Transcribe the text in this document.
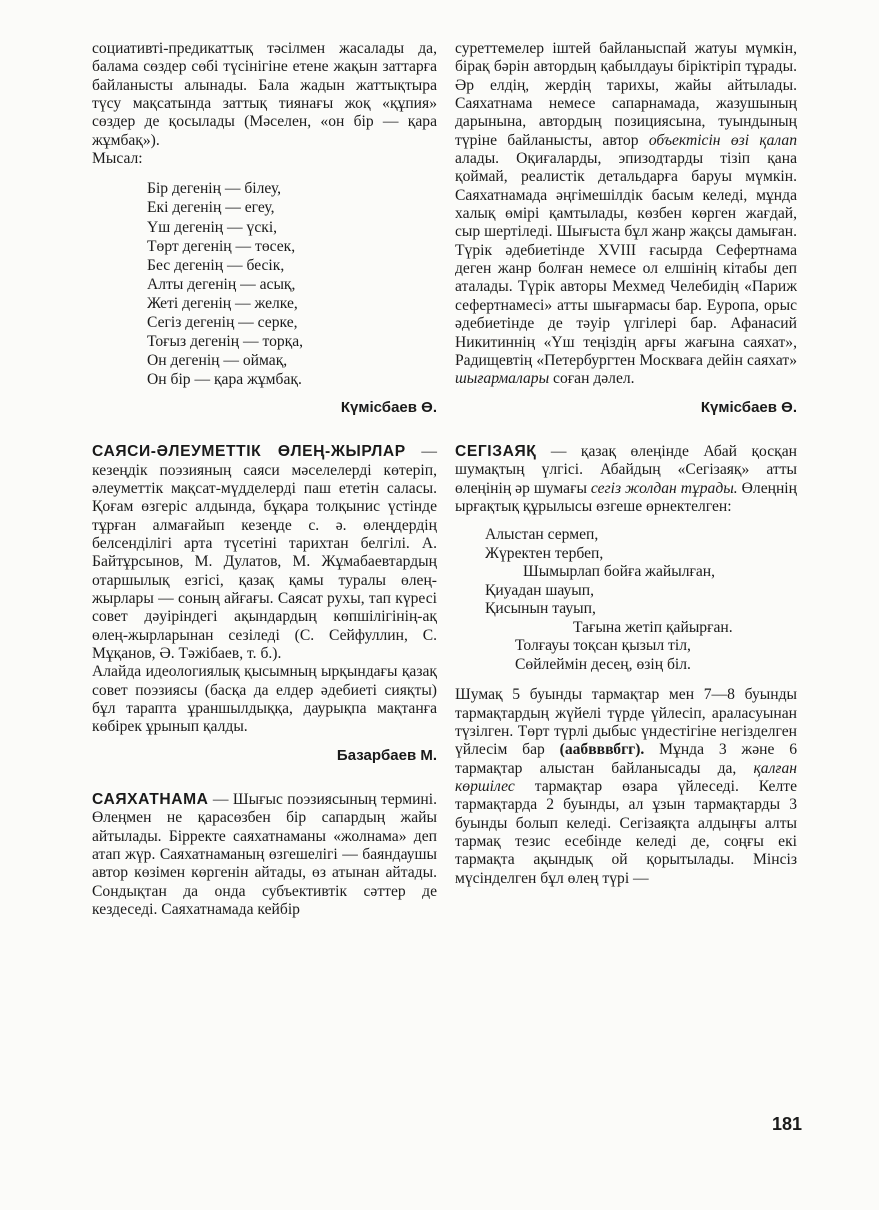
социативті-предикаттық тәсілмен жасалады да, балама сөздер сөбі түсінігіне етене жақын заттарға байланысты алынады. Бала жадын жаттықтыра түсу мақсатында заттық тиянағы жоқ «құпия» сөздер де қосылады (Мәселен, «он бір — қара жұмбақ»).
Мысал:
Бір дегенің — білеу,
Екі дегенің — егеу,
Үш дегенің — үскі,
Төрт дегенің — төсек,
Бес дегенің — бесік,
Алты дегенің — асық,
Жеті дегенің — желке,
Сегіз дегенің — серке,
Тоғыз дегенің — торқа,
Он дегенің — оймақ,
Он бір — қара жұмбақ.
Күмісбаев Ө.
САЯСИ-ӘЛЕУМЕТТІК ӨЛЕҢ-ЖЫРЛАР — кезеңдік поэзияның саяси мәселелерді көтеріп, әлеуметтік мақсат-мүдделерді паш ететін саласы. Қоғам өзгеріс алдында, бұқара толқынис үстінде тұрған алмағайып кезеңде с. ә. өлеңдердің белсенділігі арта түсетіні тарихтан белгілі. А. Байтұрсынов, М. Дулатов, М. Жұмабаевтардың отаршылық езгісі, қазақ қамы туралы өлең-жырлары — соның айғағы. Саясат рухы, тап күресі совет дәуіріндегі ақындардың көпшілігінің-ақ өлең-жырларынан сезіледі (С. Сейфуллин, С. Мұқанов, Ә. Тәжібаев, т. б.).
Алайда идеологиялық қысымның ырқындағы қазақ совет поэзиясы (басқа да елдер әдебиеті сияқты) бұл тарапта ұраншылдыққа, даурықпа мақтанға көбірек ұрынып қалды.
Базарбаев М.
САЯХАТНАМА — Шығыс поэзиясының термині. Өлеңмен не қарасөзбен бір сапардың жайы айтылады. Бірректе саяхатнаманы «жолнама» деп атап жүр. Саяхатнаманың өзгешелігі — баяндаушы автор көзімен көргенін айтады, өз атынан айтады. Сондықтан да онда субъективтік сәттер де кездеседі. Саяхатнамада кейбір
суреттемелер іштей байланыспай жатуы мүмкін, бірақ бәрін автордың қабылдауы біріктіріп тұрады. Әр елдің, жердің тарихы, жайы айтылады. Саяхатнама немесе сапарнамада, жазушының дарынына, автордың позициясына, туындының түріне байланысты, автор объектісін өзі қалап алады. Оқиғаларды, эпизодтарды тізіп қана қоймай, реалистік детальдарға баруы мүмкін. Саяхатнамада әңгімешілдік басым келеді, мұнда халық өмірі қамтылады, көзбен көрген жағдай, сыр шертіледі. Шығыста бұл жанр жақсы дамыған. Түрік әдебиетінде XVIII ғасырда Сефертнама деген жанр болған немесе ол елшінің кітабы деп аталады. Түрік авторы Мехмед Челебидің «Париж сефертнамесі» атты шығармасы бар. Еуропа, орыс әдебиетінде де тәуір үлгілері бар. Афанасий Никитиннің «Үш теңіздің арғы жағына саяхат», Радищевтің «Петербургтен Москваға дейін саяхат» шығармалары соған дәлел.
Күмісбаев Ө.
СЕГІЗАЯҚ — қазақ өлеңінде Абай қосқан шумақтың үлгісі. Абайдың «Сегізаяқ» атты өлеңінің әр шумағы сегіз жолдан тұрады. Өлеңнің ырғақтық құрылысы өзгеше өрнектелген:
Алыстан сермеп,
Жүректен тербеп,
Шымырлап бойға жайылған,
Қиуадан шауып,
Қисынын тауып,
Тағына жетіп қайырған.
Толғауы тоқсан қызыл тіл,
Сөйлеймін десең, өзің біл.
Шумақ 5 буынды тармақтар мен 7—8 буынды тармақтардың жүйелі түрде үйлесіп, араласуынан түзілген. Төрт түрлі дыбыс үндестігіне негізделген үйлесім бар (аабвввбгг). Мұнда 3 және 6 тармақтар алыстан байланысады да, қалған көршілес тармақтар өзара үйлеседі. Келте тармақтарда 2 буынды, ал ұзын тармақтарды 3 буынды болып келеді. Сегізаяқта алдыңғы алты тармақ тезис есебінде келеді де, соңғы екі тармақта ақындық ой қорытылады. Мінсіз мүсінделген бұл өлең түрі —
181
